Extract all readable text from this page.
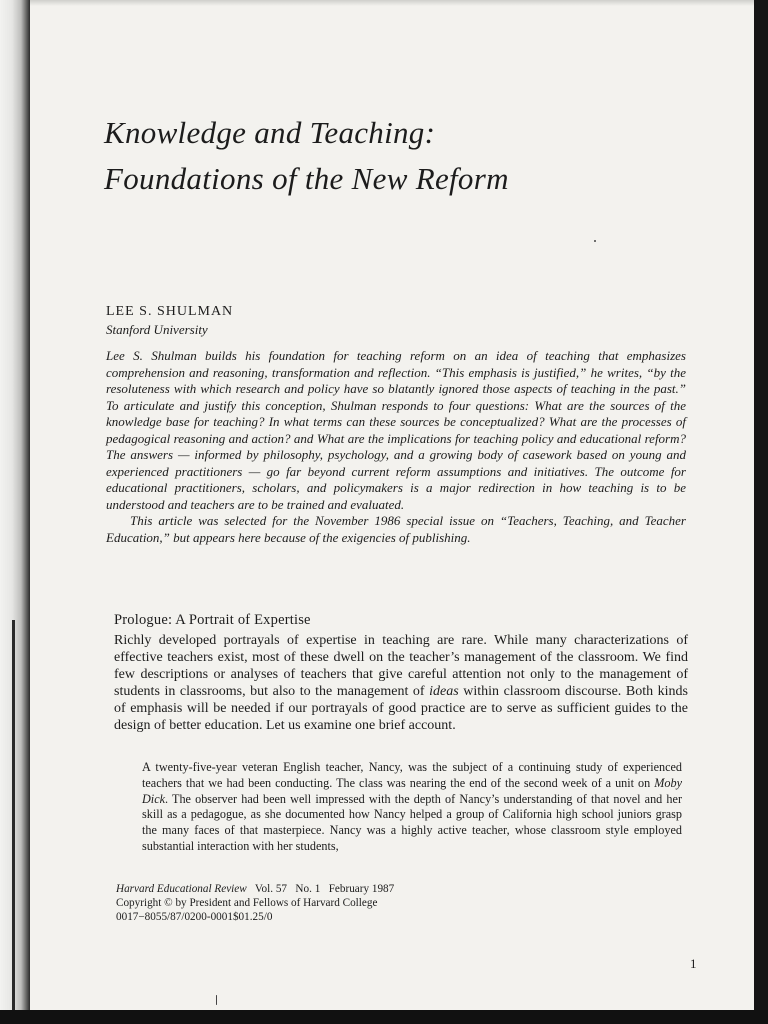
Knowledge and Teaching:
Foundations of the New Reform
LEE S. SHULMAN
Stanford University

Lee S. Shulman builds his foundation for teaching reform on an idea of teaching that emphasizes comprehension and reasoning, transformation and reflection. “This emphasis is justified,” he writes, “by the resoluteness with which research and policy have so blatantly ignored those aspects of teaching in the past.” To articulate and justify this conception, Shulman responds to four questions: What are the sources of the knowledge base for teaching? In what terms can these sources be conceptualized? What are the processes of pedagogical reasoning and action? and What are the implications for teaching policy and educational reform? The answers — informed by philosophy, psychology, and a growing body of casework based on young and experienced practitioners — go far beyond current reform assumptions and initiatives. The outcome for educational practitioners, scholars, and policymakers is a major redirection in how teaching is to be understood and teachers are to be trained and evaluated.

This article was selected for the November 1986 special issue on “Teachers, Teaching, and Teacher Education,” but appears here because of the exigencies of publishing.

Prologue: A Portrait of Expertise

Richly developed portrayals of expertise in teaching are rare. While many characterizations of effective teachers exist, most of these dwell on the teacher’s management of the classroom. We find few descriptions or analyses of teachers that give careful attention not only to the management of students in classrooms, but also to the management of ideas within classroom discourse. Both kinds of emphasis will be needed if our portrayals of good practice are to serve as sufficient guides to the design of better education. Let us examine one brief account.

A twenty-five-year veteran English teacher, Nancy, was the subject of a continuing study of experienced teachers that we had been conducting. The class was nearing the end of the second week of a unit on Moby Dick. The observer had been well impressed with the depth of Nancy’s understanding of that novel and her skill as a pedagogue, as she documented how Nancy helped a group of California high school juniors grasp the many faces of that masterpiece. Nancy was a highly active teacher, whose classroom style employed substantial interaction with her students,

Harvard Educational Review Vol. 57 No. 1 February 1987
Copyright © by President and Fellows of Harvard College
0017−8055/87/0200-0001$01.25/0
1
